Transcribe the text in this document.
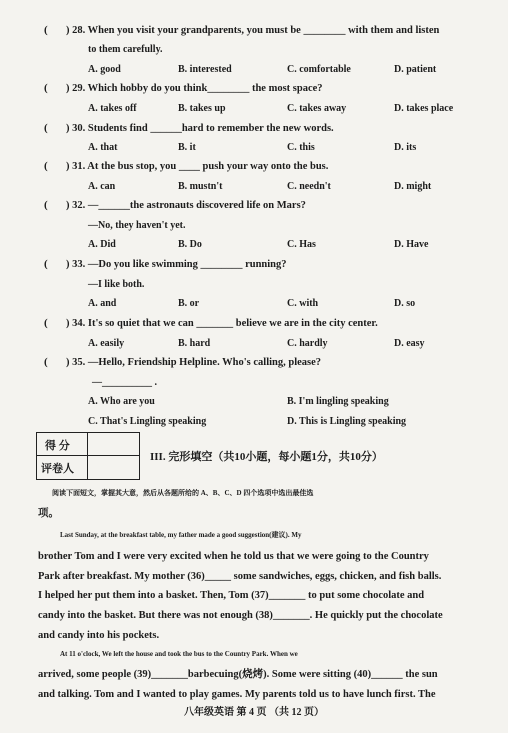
( ) 28. When you visit your grandparents, you must be ________ with them and listen
to them carefully.
A. good	B. interested	C. comfortable	D. patient
( ) 29. Which hobby do you think________ the most space?
A. takes off	B. takes up	C. takes away	D. takes place
( ) 30. Students find ______hard to remember the new words.
A. that	B. it	C. this	D. its
( ) 31. At the bus stop, you ____ push your way onto the bus.
A. can	B. mustn't	C. needn't	D. might
( ) 32. —______the astronauts discovered life on Mars?
—No, they haven't yet.
A. Did	B. Do	C. Has	D. Have
( ) 33. —Do you like swimming ________ running?
—I like both.
A. and	B. or	C. with	D. so
( ) 34. It's so quiet that we can _______ believe we are in the city center.
A. easily	B. hard	C. hardly	D. easy
( ) 35. —Hello, Friendship Helpline. Who's calling, please?
—__________ .
A. Who are you	B. I'm lingling speaking
C. That's Lingling speaking	D. This is Lingling speaking
得 分
评卷人
III. 完形填空（共10小题，每小题1分，共10分）
阅读下面短文，掌握其大意，然后从各题所给的 A、B、C、D 四个选项中选出最佳选
项。
Last Sunday, at the breakfast table, my father made a good suggestion(建议). My
brother Tom and I were very excited when he told us that we were going to the Country
Park after breakfast. My mother (36)_____ some sandwiches, eggs, chicken, and fish balls.
I helped her put them into a basket. Then, Tom (37)_______ to put some chocolate and
candy into the basket. But there was not enough (38)_______. He quickly put the chocolate
and candy into his pockets.
At 11 o'clock, We left the house and took the bus to the Country Park. When we
arrived, some people (39)_______barbecuing(烧烤). Some were sitting (40)______ the sun
and talking. Tom and I wanted to play games. My parents told us to have lunch first. The
八年级英语 第 4 页 （共 12 页）
